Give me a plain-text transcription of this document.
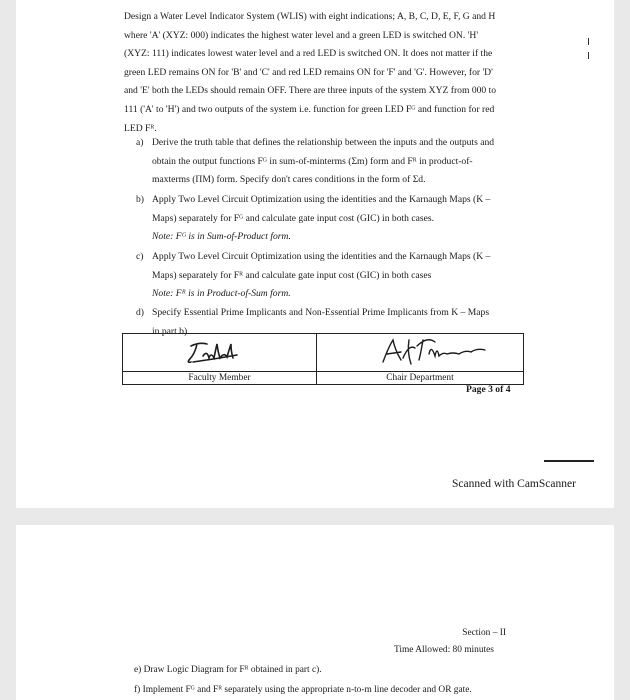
Design a Water Level Indicator System (WLIS) with eight indications; A, B, C, D, E, F, G and H
where 'A' (XYZ: 000) indicates the highest water level and a green LED is switched ON. 'H'
(XYZ: 111) indicates lowest water level and a red LED is switched ON. It does not matter if the
green LED remains ON for 'B' and 'C' and red LED remains ON for 'F' and 'G'. However, for 'D'
and 'E' both the LEDs should remain OFF. There are three inputs of the system XYZ from 000 to
111 ('A' to 'H') and two outputs of the system i.e. function for green LED Fᴳ and function for red
LED Fᴿ.
a) Derive the truth table that defines the relationship between the inputs and the outputs and
obtain the output functions Fᴳ in sum-of-minterms (Σm) form and Fᴿ in product-of-
maxterms (ΠM) form. Specify don't cares conditions in the form of Σd.
b) Apply Two Level Circuit Optimization using the identities and the Karnaugh Maps (K –
Maps) separately for Fᴳ and calculate gate input cost (GIC) in both cases.
Note: Fᴳ is in Sum-of-Product form.
c) Apply Two Level Circuit Optimization using the identities and the Karnaugh Maps (K –
Maps) separately for Fᴿ and calculate gate input cost (GIC) in both cases
Note: Fᴿ is in Product-of-Sum form.
d) Specify Essential Prime Implicants and Non-Essential Prime Implicants from K – Maps
in part b).
Faculty Member	Chair Department
Page 3 of 4
Scanned with CamScanner
Section – II
Time Allowed: 80 minutes
e) Draw Logic Diagram for Fᴿ obtained in part c).
f) Implement Fᴳ and Fᴿ separately using the appropriate n-to-m line decoder and OR gate.
